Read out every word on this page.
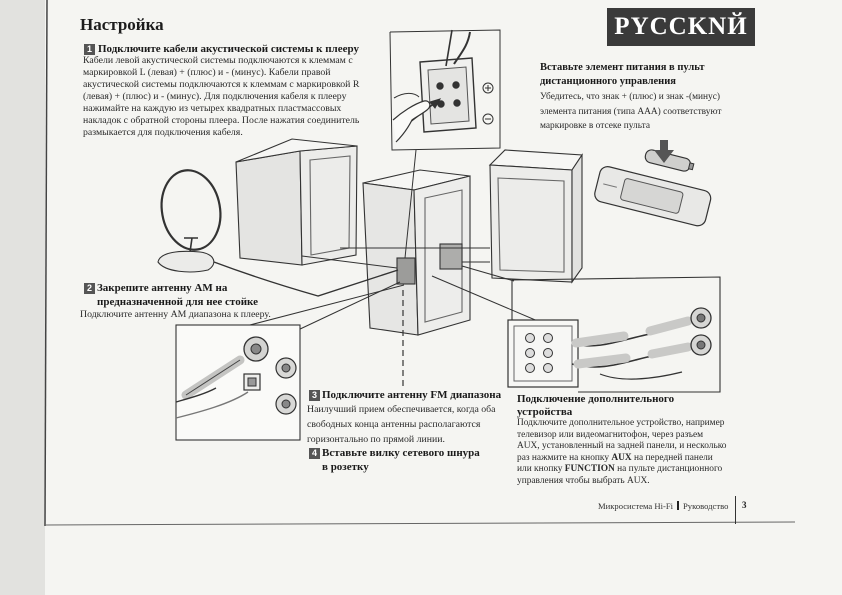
Настройка	PYCCKNЙ
1 Подключите кабели акустической системы к плееру
Кабели левой акустической системы подключаются к клеммам с
маркировкой L (левая) + (плюс) и - (минус). Кабели правой
акустической системы подключаются к клеммам с маркировкой R
(левая) + (плюс) и - (минус). Для подключения кабеля к плееру
нажимайте на каждую из четырех квадратных пластмассовых
накладок с обратной стороны плеера. После нажатия соединитель
размыкается для подключения кабеля.
Вставьте элемент питания в пульт
дистанционного управления
Убедитесь, что знак + (плюс) и знак -(минус)
элемента питания (типа ААА) соответствуют
маркировке в отсеке пульта
2 Закрепите антенну AM на
предназначенной для нее стойке
Подключите антенну AM диапазона к плееру.
3 Подключите антенну FM диапазона
Наилучший прием обеспечивается, когда оба
свободных конца антенны располагаются
горизонтально по прямой линии.
4 Вставьте вилку сетевого шнура
в розетку
Подключение дополнительного
устройства
Подключите дополнительное устройство, например
телевизор или видеомагнитофон, через разъем
AUX, установленный на задней панели, и несколько
раз нажмите на кнопку AUX на передней панели
или кнопку FUNCTION на пульте дистанционного
управления чтобы выбрать AUX.
Микросистема Hi-Fi Руководство 3
